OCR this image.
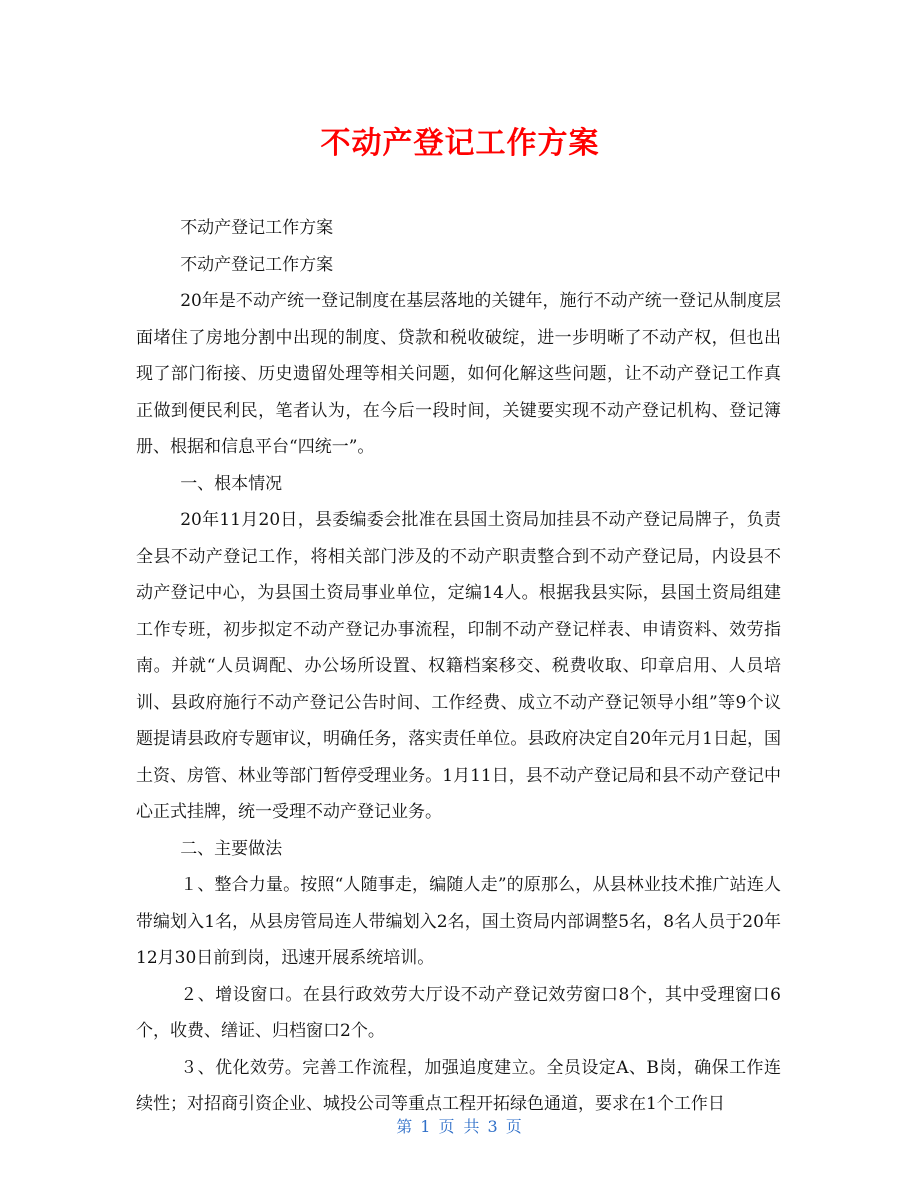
不动产登记工作方案

不动产登记工作方案

不动产登记工作方案

20年是不动产统一登记制度在基层落地的关键年，施行不动产统一登记从制度层面堵住了房地分割中出现的制度、贷款和税收破绽，进一步明晰了不动产权，但也出现了部门衔接、历史遗留处理等相关问题，如何化解这些问题，让不动产登记工作真正做到便民利民，笔者认为，在今后一段时间，关键要实现不动产登记机构、登记簿册、根据和信息平台“四统一”。

一、根本情况

20年11月20日，县委编委会批准在县国土资局加挂县不动产登记局牌子，负责全县不动产登记工作，将相关部门涉及的不动产职责整合到不动产登记局，内设县不动产登记中心，为县国土资局事业单位，定编14人。根据我县实际，县国土资局组建工作专班，初步拟定不动产登记办事流程，印制不动产登记样表、申请资料、效劳指南。并就“人员调配、办公场所设置、权籍档案移交、税费收取、印章启用、人员培训、县政府施行不动产登记公告时间、工作经费、成立不动产登记领导小组”等9个议题提请县政府专题审议，明确任务，落实责任单位。县政府决定自20年元月1日起，国土资、房管、林业等部门暂停受理业务。1月11日，县不动产登记局和县不动产登记中心正式挂牌，统一受理不动产登记业务。

二、主要做法

１、整合力量。按照“人随事走，编随人走”的原那么，从县林业技术推广站连人带编划入1名，从县房管局连人带编划入2名，国土资局内部调整5名，8名人员于20年12月30日前到岗，迅速开展系统培训。

２、增设窗口。在县行政效劳大厅设不动产登记效劳窗口8个，其中受理窗口6个，收费、缮证、归档窗口2个。

３、优化效劳。完善工作流程，加强追度建立。全员设定A、B岗，确保工作连续性；对招商引资企业、城投公司等重点工程开拓绿色通道，要求在1个工作日

第 1 页 共 3 页
